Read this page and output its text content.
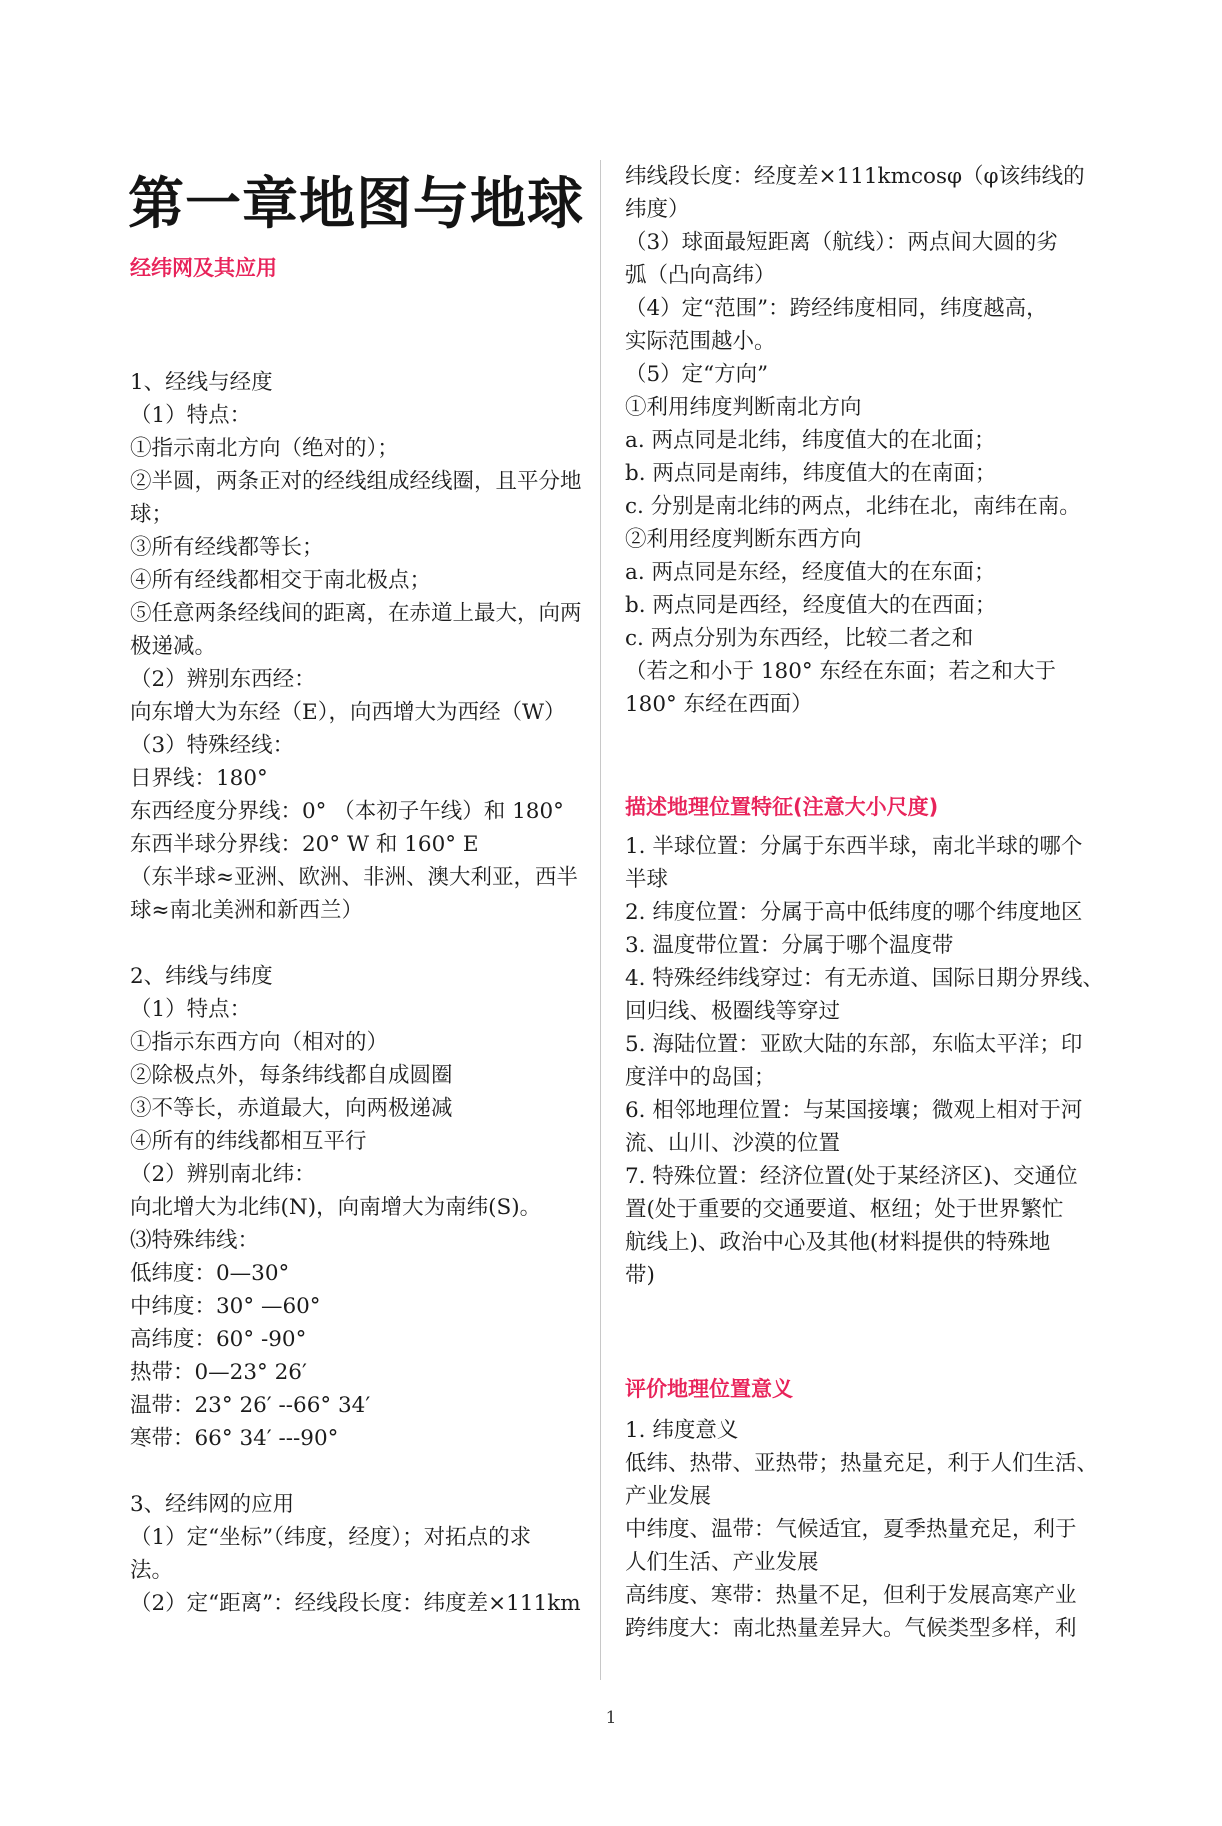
第一章地图与地球
经纬网及其应用
1、经线与经度
（1）特点：
①指示南北方向（绝对的）；
②半圆，两条正对的经线组成经线圈，且平分地
球；
③所有经线都等长；
④所有经线都相交于南北极点；
⑤任意两条经线间的距离，在赤道上最大，向两
极递减。
（2）辨别东西经：
向东增大为东经（E），向西增大为西经（W）
（3）特殊经线：
日界线：180°
东西经度分界线：0° （本初子午线）和 180°
东西半球分界线：20° W 和 160° E
（东半球≈亚洲、欧洲、非洲、澳大利亚，西半
球≈南北美洲和新西兰）
2、纬线与纬度
（1）特点：
①指示东西方向（相对的）
②除极点外，每条纬线都自成圆圈
③不等长，赤道最大，向两极递减
④所有的纬线都相互平行
（2）辨别南北纬：
向北增大为北纬(N)，向南增大为南纬(S)。
⑶特殊纬线：
低纬度：0—30°
中纬度：30° —60°
高纬度：60° -90°
热带：0—23° 26′
温带：23° 26′ --66° 34′
寒带：66° 34′ ---90°
3、经纬网的应用
（1）定“坐标”（纬度，经度）；对拓点的求
法。
（2）定“距离”：经线段长度：纬度差×111km
纬线段长度：经度差×111kmcosφ（φ该纬线的
纬度）
（3）球面最短距离（航线）：两点间大圆的劣
弧（凸向高纬）
（4）定“范围”：跨经纬度相同，纬度越高，
实际范围越小。
（5）定“方向”
①利用纬度判断南北方向
a. 两点同是北纬，纬度值大的在北面；
b. 两点同是南纬，纬度值大的在南面；
c. 分别是南北纬的两点，北纬在北，南纬在南。
②利用经度判断东西方向
a. 两点同是东经，经度值大的在东面；
b. 两点同是西经，经度值大的在西面；
c. 两点分别为东西经，比较二者之和
（若之和小于 180° 东经在东面；若之和大于
180° 东经在西面）
描述地理位置特征(注意大小尺度)
1. 半球位置：分属于东西半球，南北半球的哪个
半球
2. 纬度位置：分属于高中低纬度的哪个纬度地区
3. 温度带位置：分属于哪个温度带
4. 特殊经纬线穿过：有无赤道、国际日期分界线、
回归线、极圈线等穿过
5. 海陆位置：亚欧大陆的东部，东临太平洋；印
度洋中的岛国；
6. 相邻地理位置：与某国接壤；微观上相对于河
流、山川、沙漠的位置
7. 特殊位置：经济位置(处于某经济区)、交通位
置(处于重要的交通要道、枢纽；处于世界繁忙
航线上)、政治中心及其他(材料提供的特殊地
带)
评价地理位置意义
1. 纬度意义
低纬、热带、亚热带；热量充足，利于人们生活、
产业发展
中纬度、温带：气候适宜，夏季热量充足，利于
人们生活、产业发展
高纬度、寒带：热量不足，但利于发展高寒产业
跨纬度大：南北热量差异大。气候类型多样，利
1
